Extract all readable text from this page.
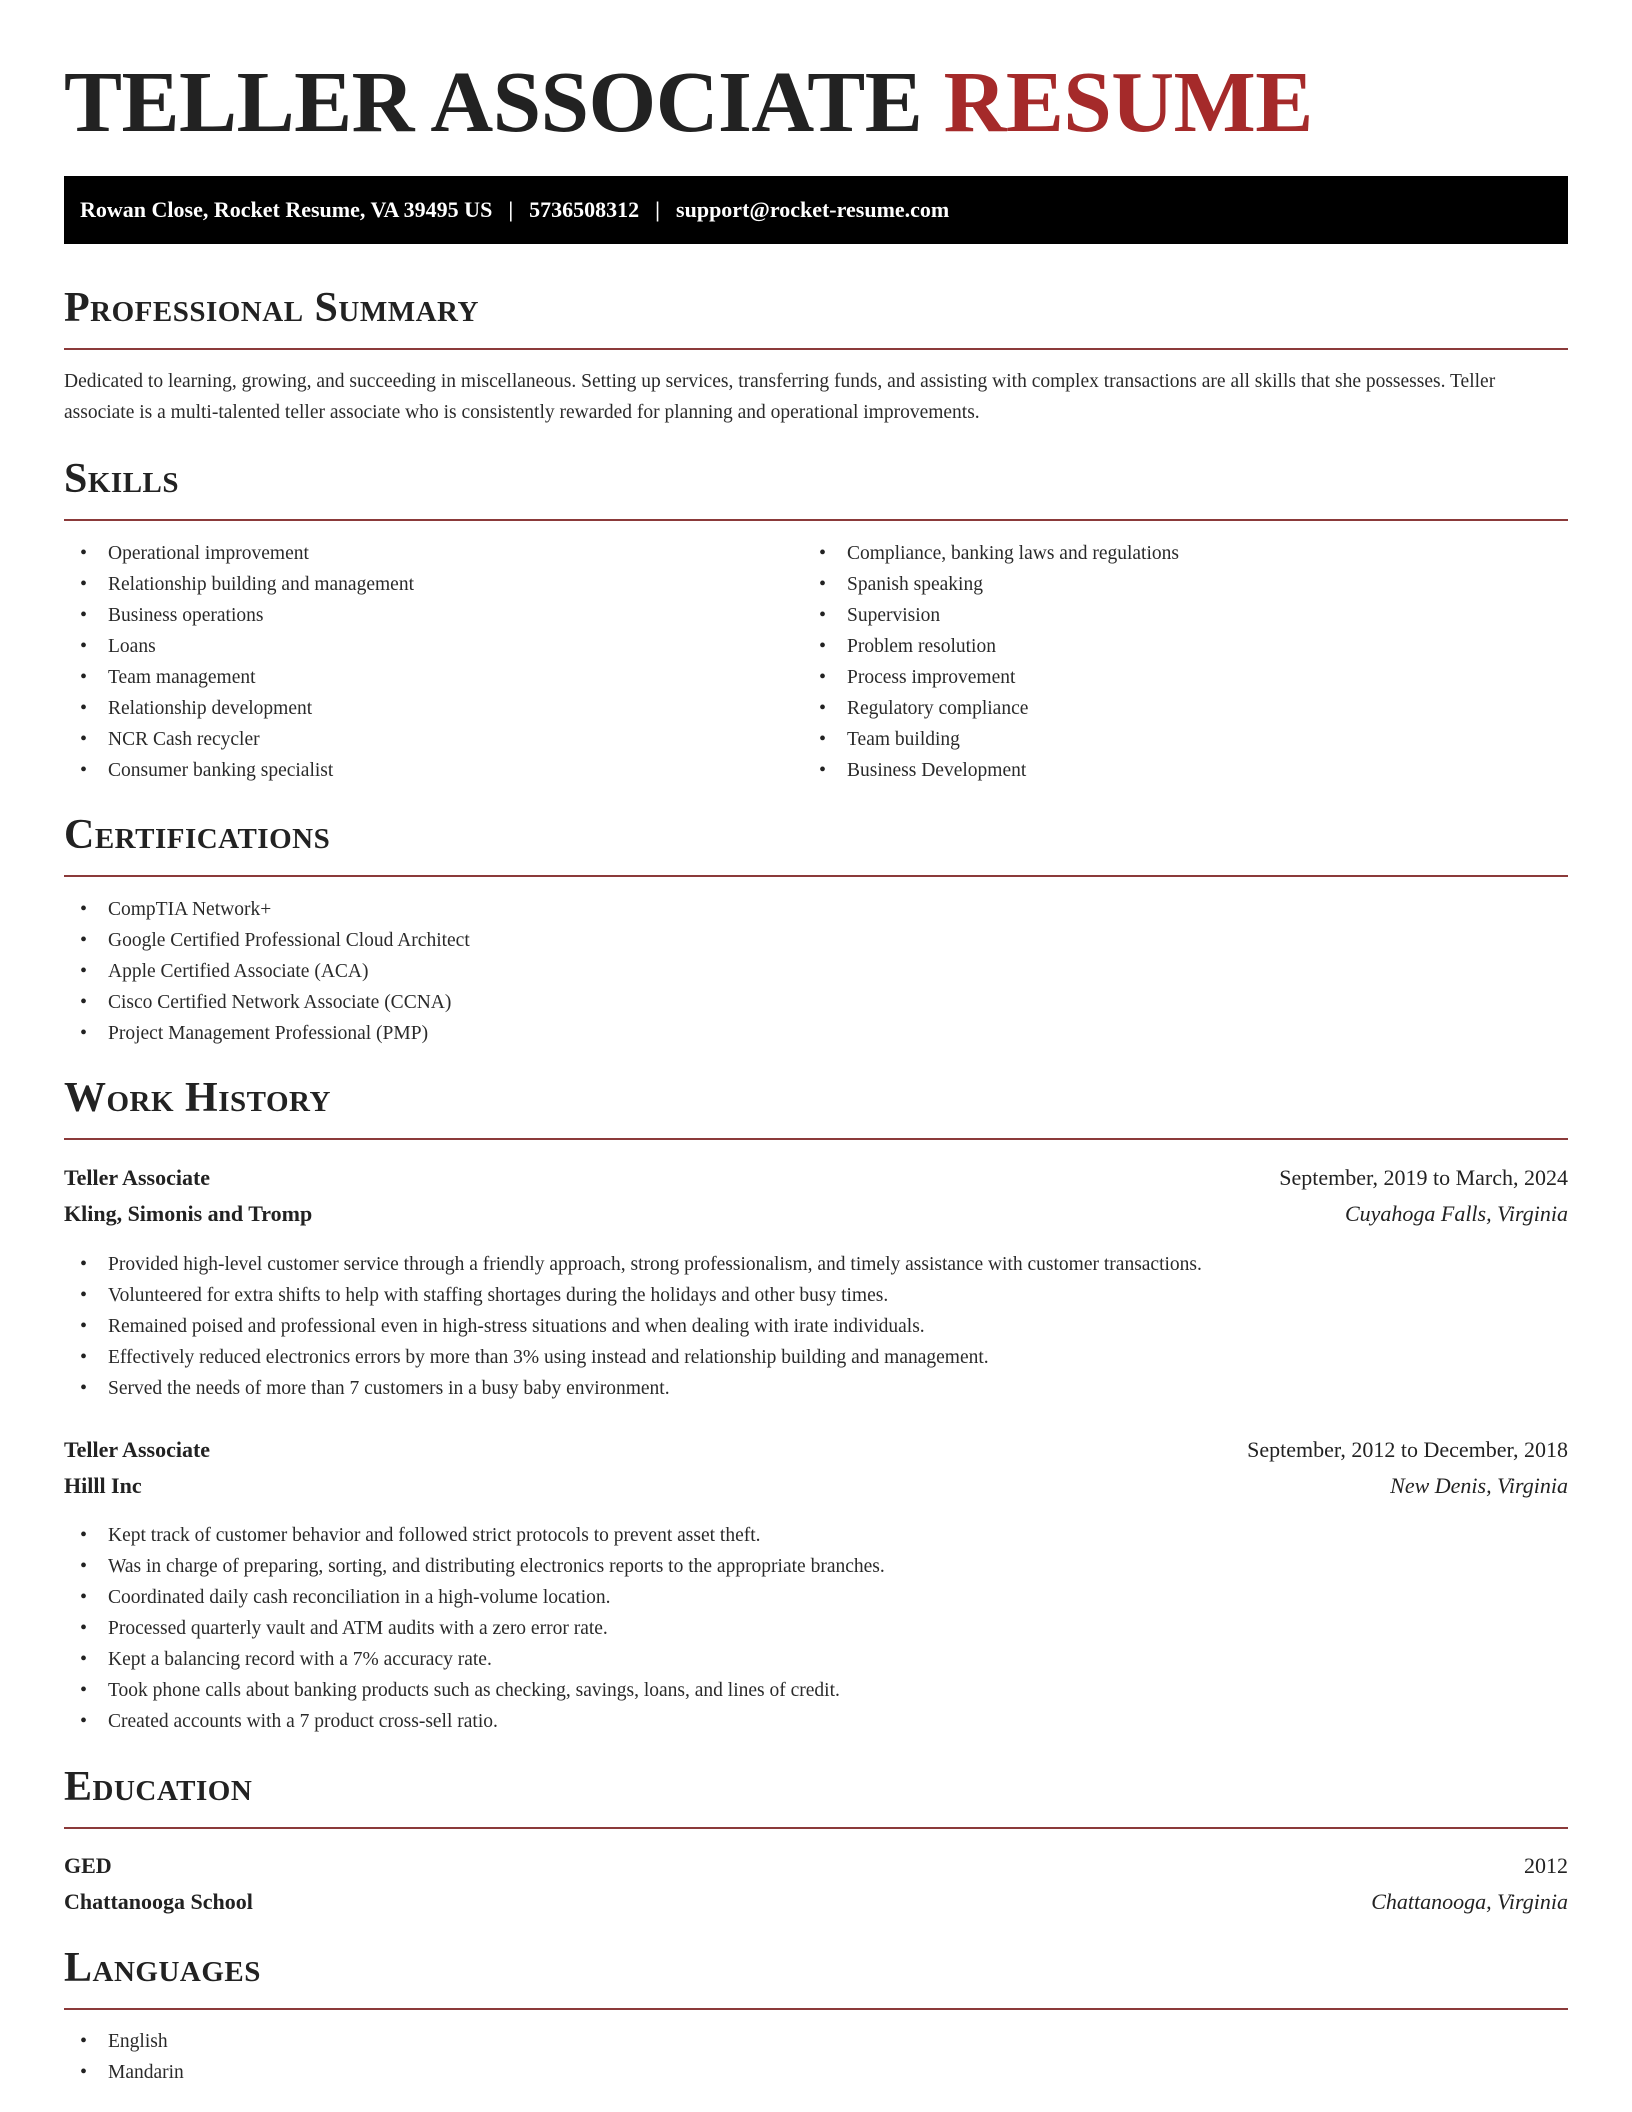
TELLER ASSOCIATE RESUME
Rowan Close, Rocket Resume, VA 39495 US | 5736508312 | support@rocket-resume.com
Professional Summary

Dedicated to learning, growing, and succeeding in miscellaneous. Setting up services, transferring funds, and assisting with complex transactions are all skills that she possesses. Teller associate is a multi-talented teller associate who is consistently rewarded for planning and operational improvements.

Skills
• Operational improvement
• Relationship building and management
• Business operations
• Loans
• Team management
• Relationship development
• NCR Cash recycler
• Consumer banking specialist
• Compliance, banking laws and regulations
• Spanish speaking
• Supervision
• Problem resolution
• Process improvement
• Regulatory compliance
• Team building
• Business Development
Certifications
• CompTIA Network+
• Google Certified Professional Cloud Architect
• Apple Certified Associate (ACA)
• Cisco Certified Network Associate (CCNA)
• Project Management Professional (PMP)
Work History
Teller Associate	September, 2019 to March, 2024
Kling, Simonis and Tromp	Cuyahoga Falls, Virginia
• Provided high-level customer service through a friendly approach, strong professionalism, and timely assistance with customer transactions.
• Volunteered for extra shifts to help with staffing shortages during the holidays and other busy times.
• Remained poised and professional even in high-stress situations and when dealing with irate individuals.
• Effectively reduced electronics errors by more than 3% using instead and relationship building and management.
• Served the needs of more than 7 customers in a busy baby environment.
Teller Associate	September, 2012 to December, 2018
Hilll Inc	New Denis, Virginia
• Kept track of customer behavior and followed strict protocols to prevent asset theft.
• Was in charge of preparing, sorting, and distributing electronics reports to the appropriate branches.
• Coordinated daily cash reconciliation in a high-volume location.
• Processed quarterly vault and ATM audits with a zero error rate.
• Kept a balancing record with a 7% accuracy rate.
• Took phone calls about banking products such as checking, savings, loans, and lines of credit.
• Created accounts with a 7 product cross-sell ratio.
Education
GED	2012
Chattanooga School	Chattanooga, Virginia
Languages
• English
• Mandarin
